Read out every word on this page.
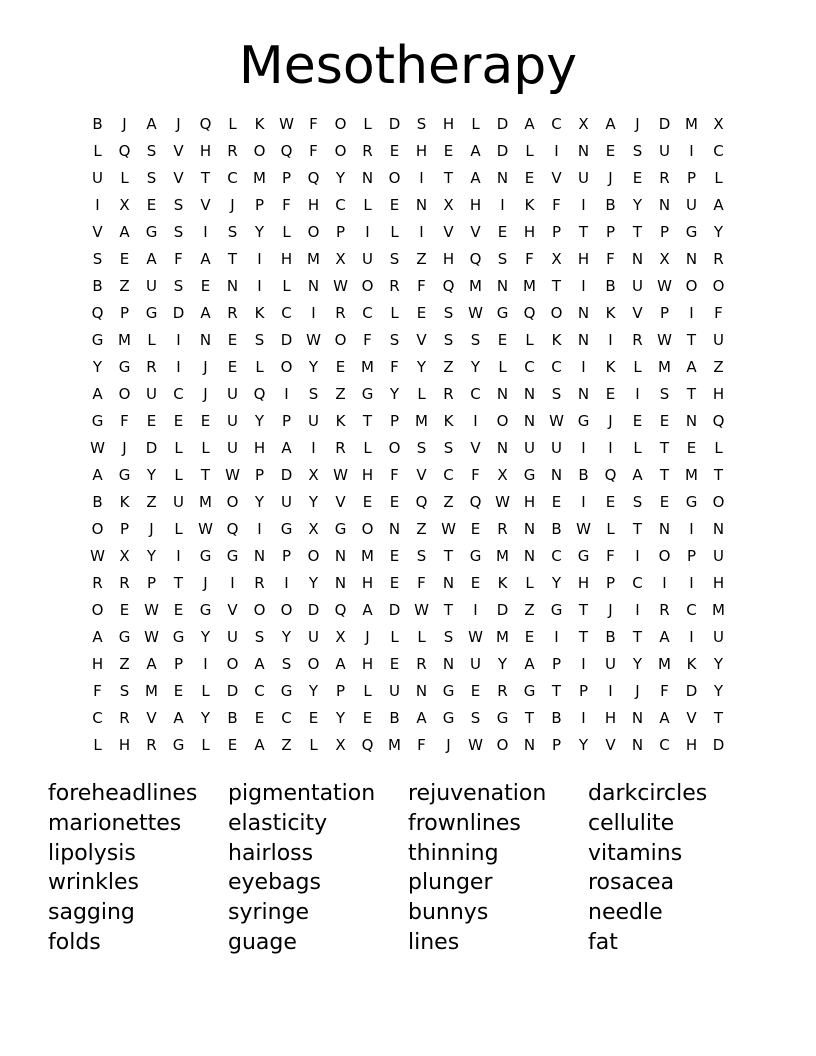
Mesotherapy
B	J	A	J	Q	L	K W	F	O	L	D	S	H	L	D	A	C	X	A	J	D M	X
L	Q	S	V	H	R	O	Q	F	O	R	E	H	E	A	D	L	I	N	E	S	U	I	C
U	L	S	V	T	C	M	P	Q	Y	N	O	I	T	A	N	E	V	U	J	E	R	P	L
I	X	E	S	V	J	P	F	H	C	L	E	N	X	H	I	K	F	I	B	Y	N	U	A
V	A	G	S	I	S	Y	L	O	P	I	L	I	V	V	E	H	P	T	P	T	P	G	Y
S	E	A	F	A	T	I	H M	X	U	S	Z	H	Q	S	F	X	H	F	N	X	N	R
B	Z	U	S	E	N	I	L	N W O	R	F	Q M N M	T	I	B	U W O	O
Q	P	G	D	A	R	K	C	I	R	C	L	E	S W G	Q	O	N	K	V	P	I	F
G M	L	I	N	E	S	D W O	F	S	V	S	S	E	L	K	N	I	R W T	U
Y	G	R	I	J	E	L	O	Y	E	M	F	Y	Z	Y	L	C	C	I	K	L	M	A	Z
A	O	U	C	J	U	Q	I	S	Z	G	Y	L	R	C	N	N	S	N	E	I	S	T	H
G	F	E	E	E	U	Y	P	U	K	T	P	M	K	I	O	N W G	J	E	E	N	Q
W	J	D	L	L	U	H	A	I	R	L	O	S	S	V	N	U	U	I	I	L	T	E	L
A	G	Y	L	T	W	P	D	X W H	F	V	C	F	X	G	N	B	Q	A	T	M	T
B	K	Z	U	M O	Y	U	Y	V	E	E	Q	Z	Q W H	E	I	E	S	E	G	O
O	P	J	L	W Q	I	G	X	G	O	N	Z W E	R	N	B W	L	T	N	I	N
W X	Y	I	G	G	N	P	O	N M	E	S	T	G M N	C	G	F	I	O	P	U
R	R	P	T	J	I	R	I	Y	N	H	E	F	N	E	K	L	Y	H	P	C	I	I	H
O	E W E	G	V	O	O	D	Q	A	D W T	I	D	Z	G	T	J	I	R	C	M
A	G W G	Y	U	S	Y	U	X	J	L	L	S W M	E	I	T	B	T	A	I	U
H	Z	A	P	I	O	A	S	O	A	H	E	R	N	U	Y	A	P	I	U	Y	M	K	Y
F	S	M	E	L	D	C	G	Y	P	L	U	N	G	E	R	G	T	P	I	J	F	D	Y
C	R	V	A	Y	B	E	C	E	Y	E	B	A	G	S	G	T	B	I	H	N	A	V	T
L	H	R	G	L	E	A	Z	L	X	Q M	F	J	W O	N	P	Y	V	N	C	H	D
foreheadlines	pigmentation	rejuvenation	darkcircles
marionettes	elasticity	frownlines	cellulite
lipolysis	hairloss	thinning	vitamins
wrinkles	eyebags	plunger	rosacea
sagging	syringe	bunnys	needle
folds	guage	lines	fat
